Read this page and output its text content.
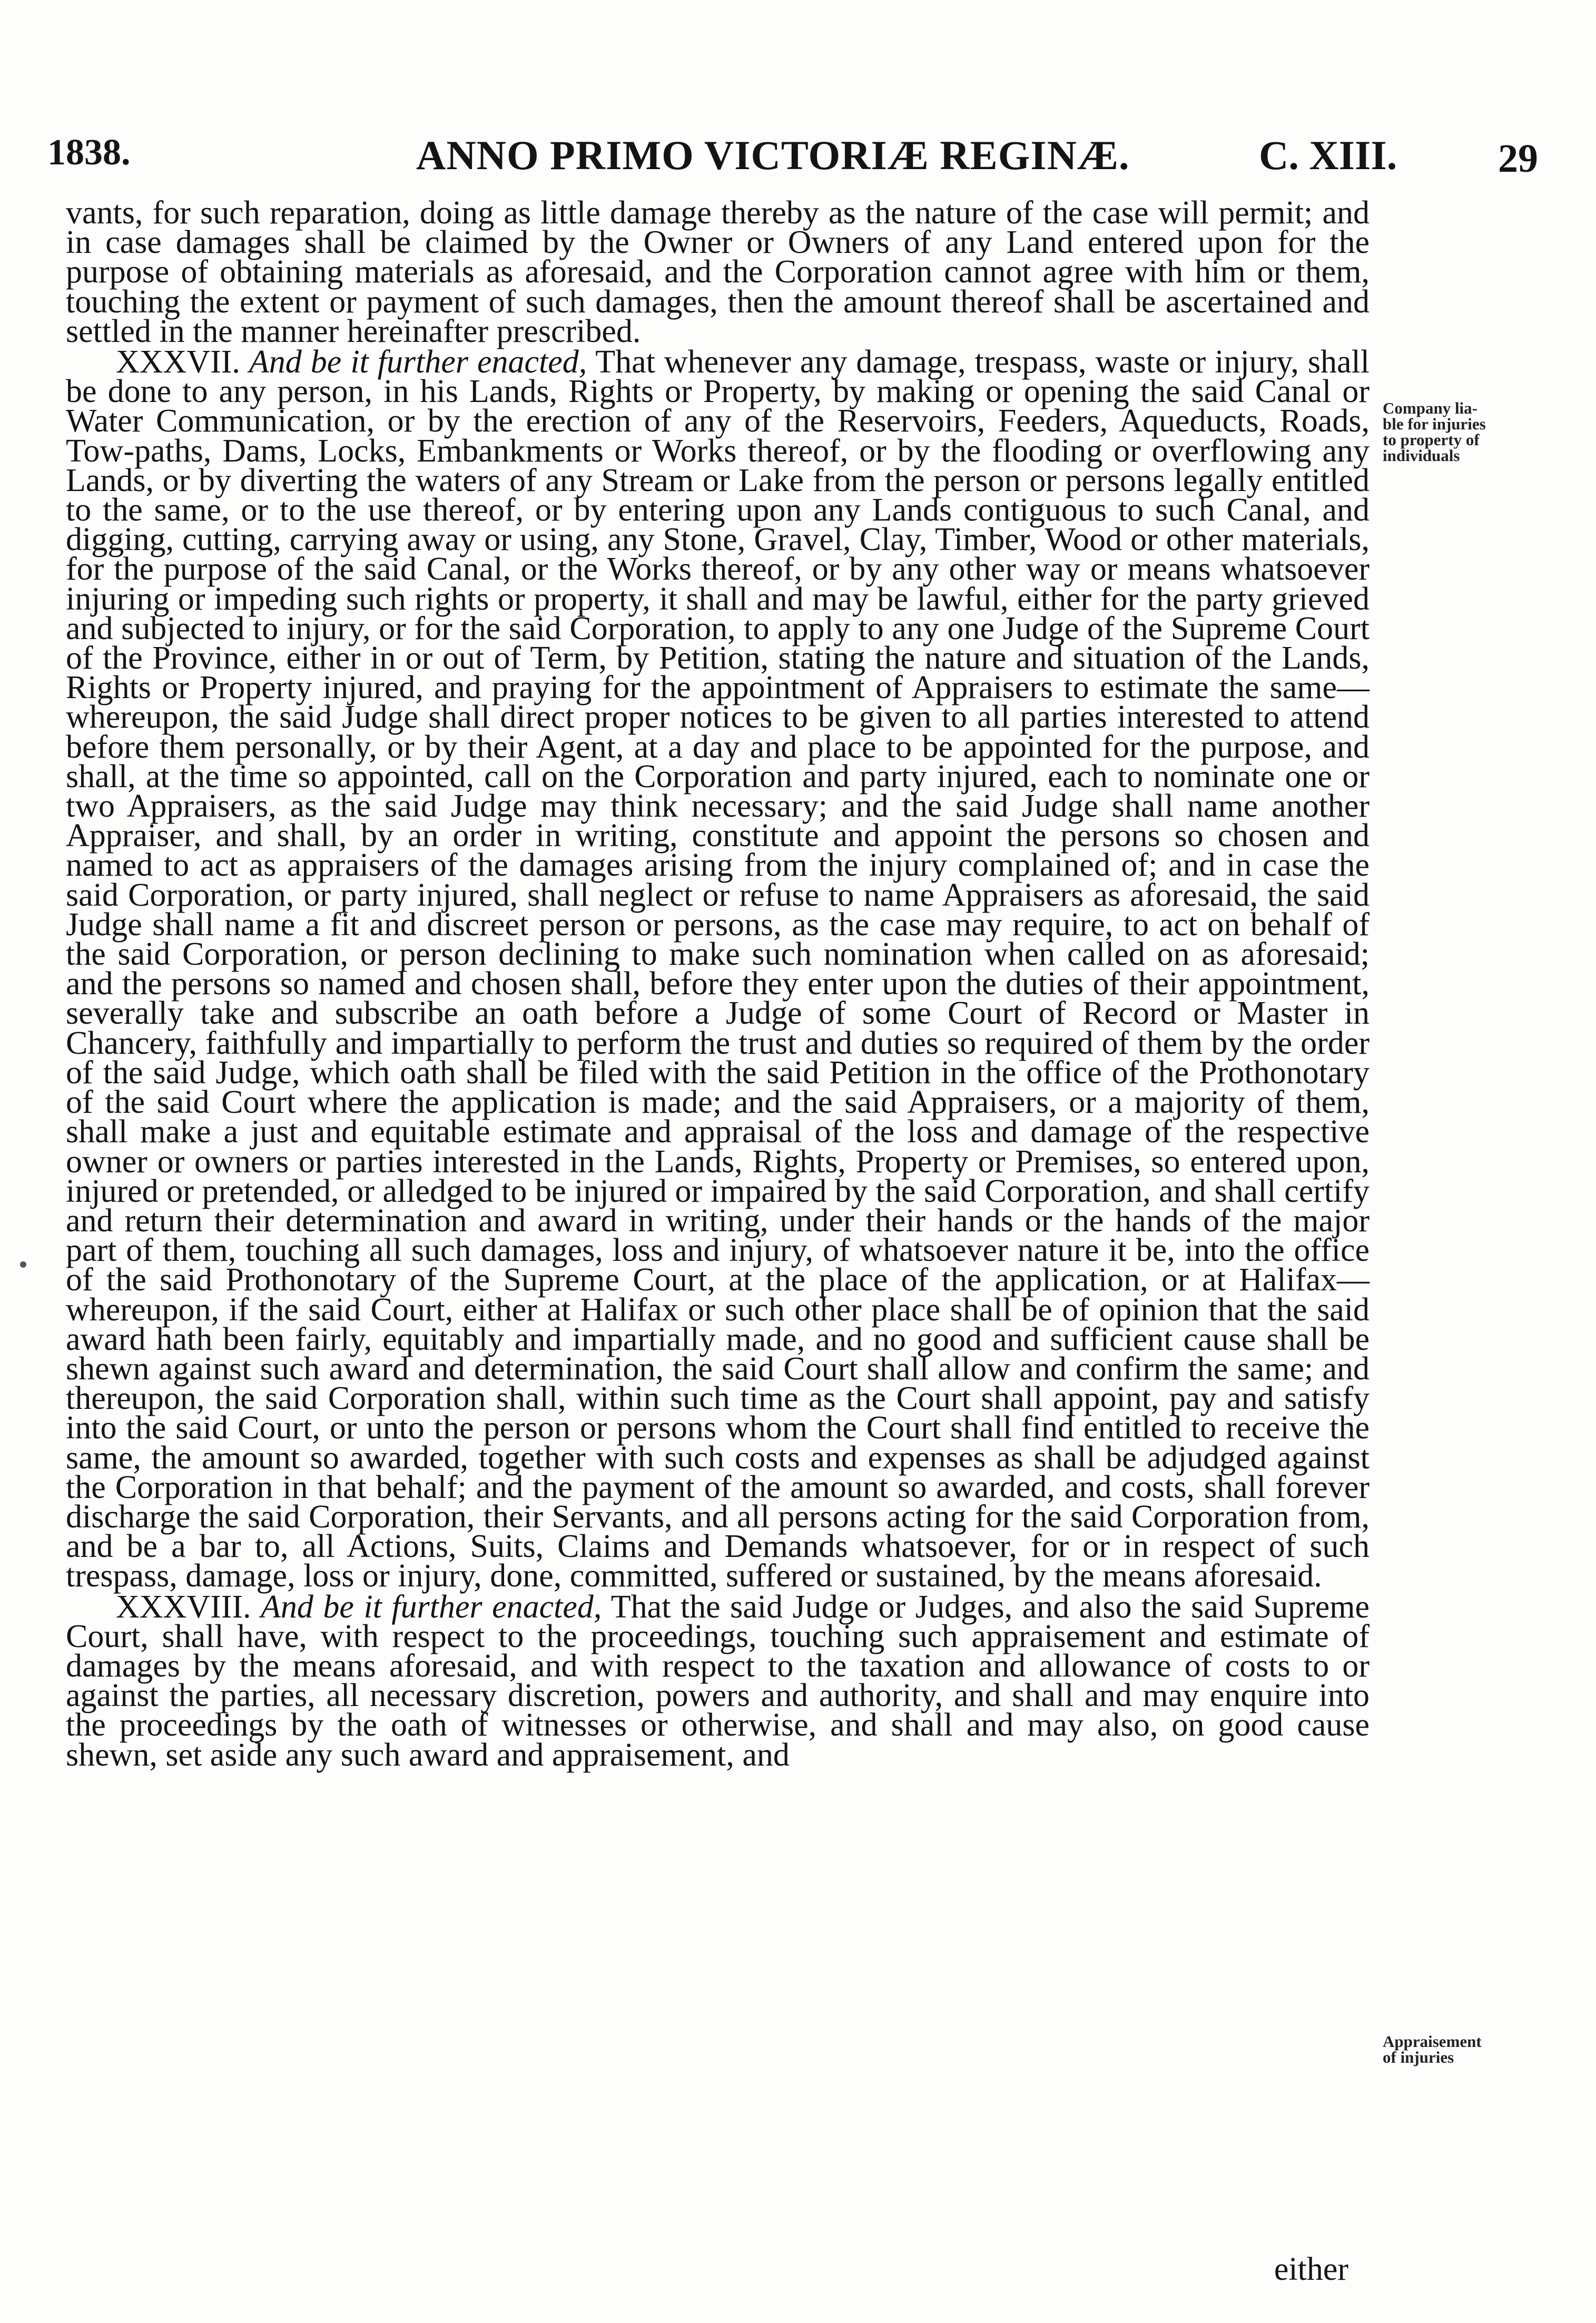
1838.	ANNO PRIMO VICTORIÆ REGINÆ.	C. XIII.	29

vants, for such reparation, doing as little damage thereby as the nature of the case will permit; and in case damages shall be claimed by the Owner or Owners of any Land entered upon for the purpose of obtaining materials as aforesaid, and the Corporation cannot agree with him or them, touching the extent or payment of such damages, then the amount thereof shall be ascertained and settled in the manner hereinafter prescribed.

XXXVII. And be it further enacted, That whenever any damage, trespass, waste or injury, shall be done to any person, in his Lands, Rights or Property, by making or opening the said Canal or Water Communication, or by the erection of any of the Reservoirs, Feeders, Aqueducts, Roads, Tow-paths, Dams, Locks, Embankments or Works thereof, or by the flooding or overflowing any Lands, or by diverting the waters of any Stream or Lake from the person or persons legally entitled to the same, or to the use thereof, or by entering upon any Lands contiguous to such Canal, and digging, cutting, carrying away or using, any Stone, Gravel, Clay, Timber, Wood or other materials, for the purpose of the said Canal, or the Works thereof, or by any other way or means whatsoever injuring or impeding such rights or property, it shall and may be lawful, either for the party grieved and subjected to injury, or for the said Corporation, to apply to any one Judge of the Supreme Court of the Province, either in or out of Term, by Petition, stating the nature and situation of the Lands, Rights or Property injured, and praying for the appointment of Appraisers to estimate the same—whereupon, the said Judge shall direct proper notices to be given to all parties interested to attend before them personally, or by their Agent, at a day and place to be appointed for the purpose, and shall, at the time so appointed, call on the Corporation and party injured, each to nominate one or two Appraisers, as the said Judge may think necessary; and the said Judge shall name another Appraiser, and shall, by an order in writing, constitute and appoint the persons so chosen and named to act as appraisers of the damages arising from the injury complained of; and in case the said Corporation, or party injured, shall neglect or refuse to name Appraisers as aforesaid, the said Judge shall name a fit and discreet person or persons, as the case may require, to act on behalf of the said Corporation, or person declining to make such nomination when called on as aforesaid; and the persons so named and chosen shall, before they enter upon the duties of their appointment, severally take and subscribe an oath before a Judge of some Court of Record or Master in Chancery, faithfully and impartially to perform the trust and duties so required of them by the order of the said Judge, which oath shall be filed with the said Petition in the office of the Prothonotary of the said Court where the application is made; and the said Appraisers, or a majority of them, shall make a just and equitable estimate and appraisal of the loss and damage of the respective owner or owners or parties interested in the Lands, Rights, Property or Premises, so entered upon, injured or pretended, or alledged to be injured or impaired by the said Corporation, and shall certify and return their determination and award in writing, under their hands or the hands of the major part of them, touching all such damages, loss and injury, of whatsoever nature it be, into the office of the said Prothonotary of the Supreme Court, at the place of the application, or at Halifax—whereupon, if the said Court, either at Halifax or such other place shall be of opinion that the said award hath been fairly, equitably and impartially made, and no good and sufficient cause shall be shewn against such award and determination, the said Court shall allow and confirm the same; and thereupon, the said Corporation shall, within such time as the Court shall appoint, pay and satisfy into the said Court, or unto the person or persons whom the Court shall find entitled to receive the same, the amount so awarded, together with such costs and expenses as shall be adjudged against the Corporation in that behalf; and the payment of the amount so awarded, and costs, shall forever discharge the said Corporation, their Servants, and all persons acting for the said Corporation from, and be a bar to, all Actions, Suits, Claims and Demands whatsoever, for or in respect of such trespass, damage, loss or injury, done, committed, suffered or sustained, by the means aforesaid.

XXXVIII. And be it further enacted, That the said Judge or Judges, and also the said Supreme Court, shall have, with respect to the proceedings, touching such appraisement and estimate of damages by the means aforesaid, and with respect to the taxation and allowance of costs to or against the parties, all necessary discretion, powers and authority, and shall and may enquire into the proceedings by the oath of witnesses or otherwise, and shall and may also, on good cause shewn, set aside any such award and appraisement, and

Company lia-
ble for injuries
to property of
individuals
Appraisement
of injuries
either
